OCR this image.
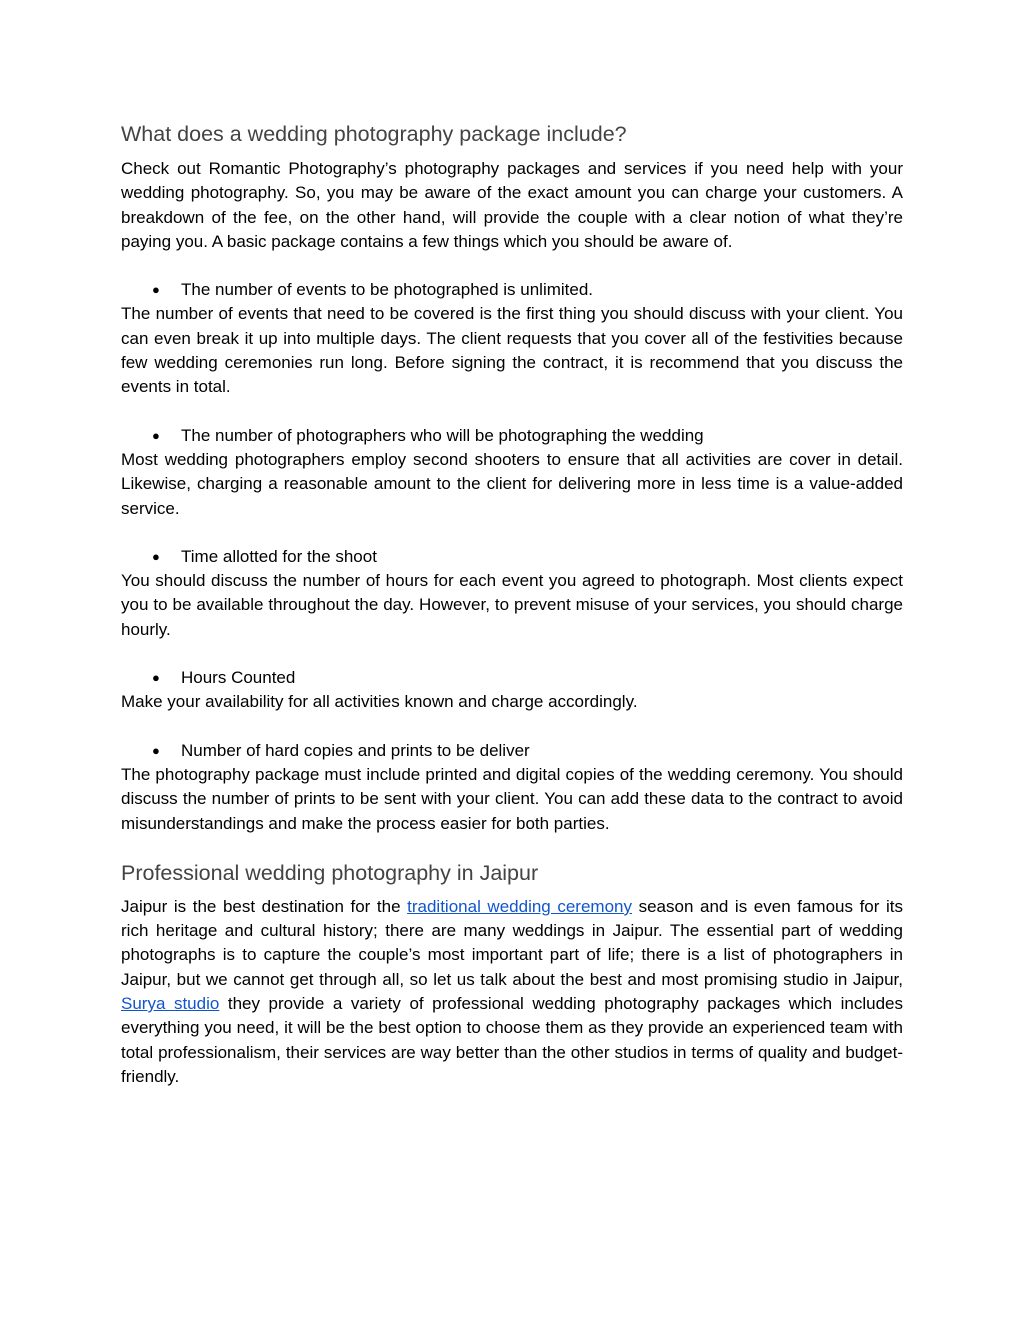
What does a wedding photography package include?

Check out Romantic Photography’s photography packages and services if you need help with your wedding photography. So, you may be aware of the exact amount you can charge your customers. A breakdown of the fee, on the other hand, will provide the couple with a clear notion of what they’re paying you. A basic package contains a few things which you should be aware of.

●	The number of events to be photographed is unlimited.

The number of events that need to be covered is the first thing you should discuss with your client. You can even break it up into multiple days. The client requests that you cover all of the festivities because few wedding ceremonies run long. Before signing the contract, it is recommend that you discuss the events in total.

●	The number of photographers who will be photographing the wedding

Most wedding photographers employ second shooters to ensure that all activities are cover in detail. Likewise, charging a reasonable amount to the client for delivering more in less time is a value-added service.

●	Time allotted for the shoot

You should discuss the number of hours for each event you agreed to photograph. Most clients expect you to be available throughout the day. However, to prevent misuse of your services, you should charge hourly.

●	Hours Counted

Make your availability for all activities known and charge accordingly.

●	Number of hard copies and prints to be deliver

The photography package must include printed and digital copies of the wedding ceremony. You should discuss the number of prints to be sent with your client. You can add these data to the contract to avoid misunderstandings and make the process easier for both parties.

Professional wedding photography in Jaipur

Jaipur is the best destination for the traditional wedding ceremony season and is even famous for its rich heritage and cultural history; there are many weddings in Jaipur. The essential part of wedding photographs is to capture the couple’s most important part of life; there is a list of photographers in Jaipur, but we cannot get through all, so let us talk about the best and most promising studio in Jaipur, Surya studio they provide a variety of professional wedding photography packages which includes everything you need, it will be the best option to choose them as they provide an experienced team with total professionalism, their services are way better than the other studios in terms of quality and budget-friendly.
